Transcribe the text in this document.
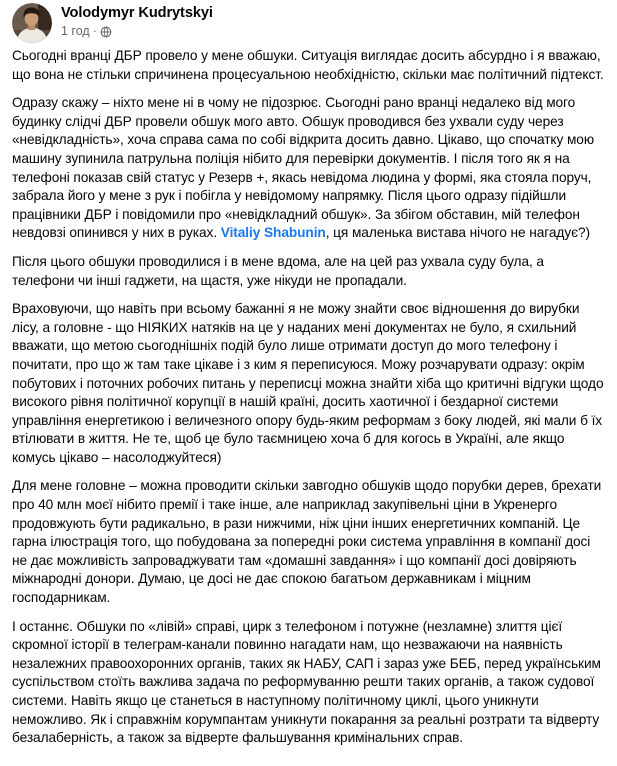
Volodymyr Kudrytskyi
1 год ·

Сьогодні вранці ДБР провело у мене обшуки. Ситуація виглядає досить абсурдно і я вважаю, що вона не стільки спричинена процесуальною необхідністю, скільки має політичний підтекст.

Одразу скажу – ніхто мене ні в чому не підозрює. Сьогодні рано вранці недалеко від мого будинку слідчі ДБР провели обшук мого авто. Обшук проводився без ухвали суду через «невідкладність», хоча справа сама по собі відкрита досить давно. Цікаво, що спочатку мою машину зупинила патрульна поліція нібито для перевірки документів. І після того як я на телефоні показав свій статус у Резерв +, якась невідома людина у формі, яка стояла поруч, забрала його у мене з рук і побігла у невідомому напрямку. Після цього одразу підійшли працівники ДБР і повідомили про «невідкладний обшук». За збігом обставин, мій телефон невдовзі опинився у них в руках. Vitaliy Shabunin, ця маленька вистава нічого не нагадує?)

Після цього обшуки проводилися і в мене вдома, але на цей раз ухвала суду була, а телефони чи інші гаджети, на щастя, уже нікуди не пропадали.

Враховуючи, що навіть при всьому бажанні я не можу знайти своє відношення до вирубки лісу, а головне - що НІЯКИХ натяків на це у наданих мені документах не було, я схильний вважати, що метою сьогоднішніх подій було лише отримати доступ до мого телефону і почитати, про що ж там таке цікаве і з ким я переписуюся. Можу розчарувати одразу: окрім побутових і поточних робочих питань у переписці можна знайти хіба що критичні відгуки щодо високого рівня політичної корупції в нашій країні, досить хаотичної і бездарної системи управління енергетикою і величезного опору будь-яким реформам з боку людей, які мали б їх втілювати в життя. Не те, щоб це було таємницею хоча б для когось в Україні, але якщо комусь цікаво – насолоджуйтеся)

Для мене головне – можна проводити скільки завгодно обшуків щодо порубки дерев, брехати про 40 млн моєї нібито премії і таке інше, але наприклад закупівельні ціни в Укренерго продовжують бути радикально, в рази нижчими, ніж ціни інших енергетичних компаній. Це гарна ілюстрація того, що побудована за попередні роки система управління в компанії досі не дає можливість запроваджувати там «домашні завдання» і що компанії досі довіряють міжнародні донори. Думаю, це досі не дає спокою багатьом державникам і міцним господарникам.

І останнє. Обшуки по «лівій» справі, цирк з телефоном і потужне (незламне) злиття цієї скромної історії в телеграм-канали повинно нагадати нам, що незважаючи на наявність незалежних правоохоронних органів, таких як НАБУ, САП і зараз уже БЕБ, перед українським суспільством стоїть важлива задача по реформуванню решти таких органів, а також судової системи. Навіть якщо це станеться в наступному політичному циклі, цього уникнути неможливо. Як і справжнім корумпантам уникнути покарання за реальні розтрати та відверту безалаберність, а також за відверте фальшування кримінальних справ.
